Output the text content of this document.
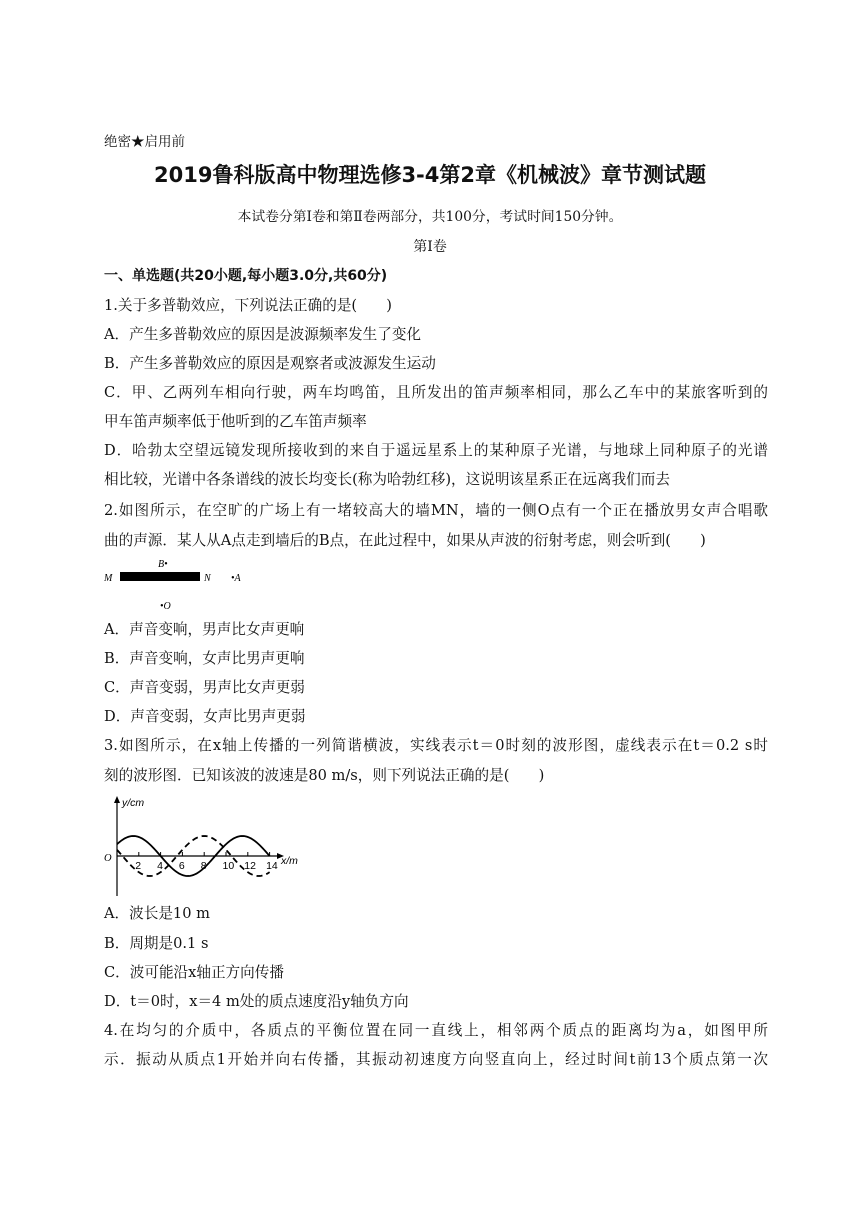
绝密★启用前
2019鲁科版高中物理选修3-4第2章《机械波》章节测试题
本试卷分第Ⅰ卷和第Ⅱ卷两部分，共100分，考试时间150分钟。
第Ⅰ卷
一、单选题(共20小题,每小题3.0分,共60分)
1.关于多普勒效应，下列说法正确的是(　　)
A．产生多普勒效应的原因是波源频率发生了变化
B．产生多普勒效应的原因是观察者或波源发生运动
C．甲、乙两列车相向行驶，两车均鸣笛，且所发出的笛声频率相同，那么乙车中的某旅客听到的
甲车笛声频率低于他听到的乙车笛声频率
D．哈勃太空望远镜发现所接收到的来自于遥远星系上的某种原子光谱，与地球上同种原子的光谱
相比较，光谱中各条谱线的波长均变长(称为哈勃红移)，这说明该星系正在远离我们而去
2.如图所示，在空旷的广场上有一堵较高大的墙MN，墙的一侧O点有一个正在播放男女声合唱歌
曲的声源．某人从A点走到墙后的B点，在此过程中，如果从声波的衍射考虑，则会听到(　　)
M	N •A
B•
•O
A．声音变响，男声比女声更响
B．声音变响，女声比男声更响
C．声音变弱，男声比女声更弱
D．声音变弱，女声比男声更弱
3.如图所示，在x轴上传播的一列简谐横波，实线表示t＝0时刻的波形图，虚线表示在t＝0.2 s时
刻的波形图．已知该波的波速是80 m/s，则下列说法正确的是(　　)
y/cm
x/m
O
2 4 6 8 10 12 14
A．波长是10 m
B．周期是0.1 s
C．波可能沿x轴正方向传播
D．t＝0时，x＝4 m处的质点速度沿y轴负方向
4.在均匀的介质中，各质点的平衡位置在同一直线上，相邻两个质点的距离均为a，如图甲所
示．振动从质点1开始并向右传播，其振动初速度方向竖直向上，经过时间t前13个质点第一次
